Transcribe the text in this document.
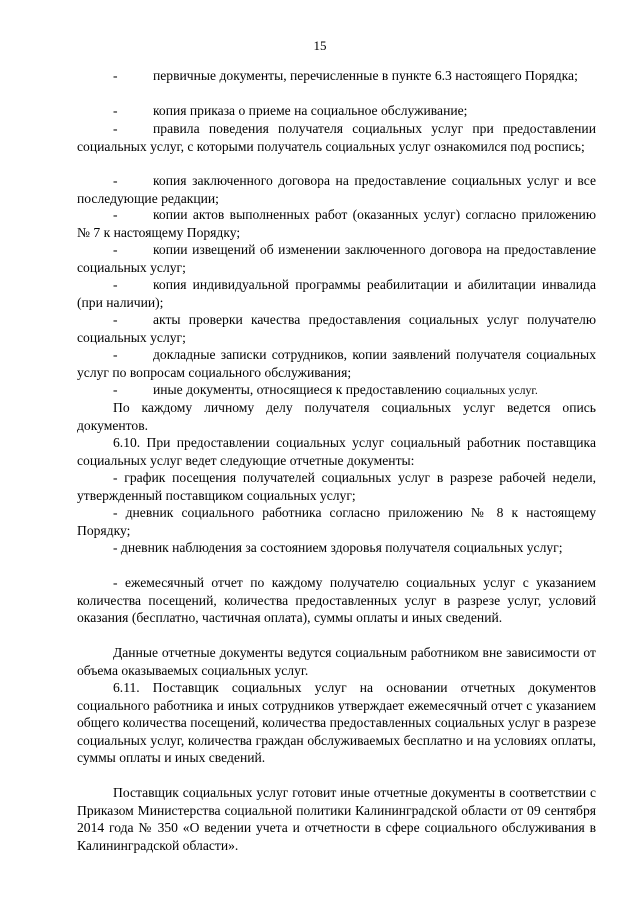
15

-	первичные документы, перечисленные в пункте 6.3 настоящего Порядка;

-	копия приказа о приеме на социальное обслуживание;

-	правила поведения получателя социальных услуг при предоставлении социальных услуг, с которыми получатель социальных услуг ознакомился под роспись;

-	копия заключенного договора на предоставление социальных услуг и все последующие редакции;

-	копии актов выполненных работ (оказанных услуг) согласно приложению № 7 к настоящему Порядку;

-	копии извещений об изменении заключенного договора на предоставление социальных услуг;

-	копия индивидуальной программы реабилитации и абилитации инвалида (при наличии);

-	акты проверки качества предоставления социальных услуг получателю социальных услуг;

-	докладные записки сотрудников, копии заявлений получателя социальных услуг по вопросам социального обслуживания;

-	иные документы, относящиеся к предоставлению социальных услуг.

По каждому личному делу получателя социальных услуг ведется опись документов.

6.10. При предоставлении социальных услуг социальный работник поставщика социальных услуг ведет следующие отчетные документы:

- график посещения получателей социальных услуг в разрезе рабочей недели, утвержденный поставщиком социальных услуг;

- дневник социального работника согласно приложению № 8 к настоящему Порядку;

- дневник наблюдения за состоянием здоровья получателя социальных услуг;

- ежемесячный отчет по каждому получателю социальных услуг с указанием количества посещений, количества предоставленных услуг в разрезе услуг, условий оказания (бесплатно, частичная оплата), суммы оплаты и иных сведений.

Данные отчетные документы ведутся социальным работником вне зависимости от объема оказываемых социальных услуг.

6.11. Поставщик социальных услуг на основании отчетных документов социального работника и иных сотрудников утверждает ежемесячный отчет с указанием общего количества посещений, количества предоставленных социальных услуг в разрезе социальных услуг, количества граждан обслуживаемых бесплатно и на условиях оплаты, суммы оплаты и иных сведений.

Поставщик социальных услуг готовит иные отчетные документы в соответствии с Приказом Министерства социальной политики Калининградской области от 09 сентября 2014 года № 350 «О ведении учета и отчетности в сфере социального обслуживания в Калининградской области».
